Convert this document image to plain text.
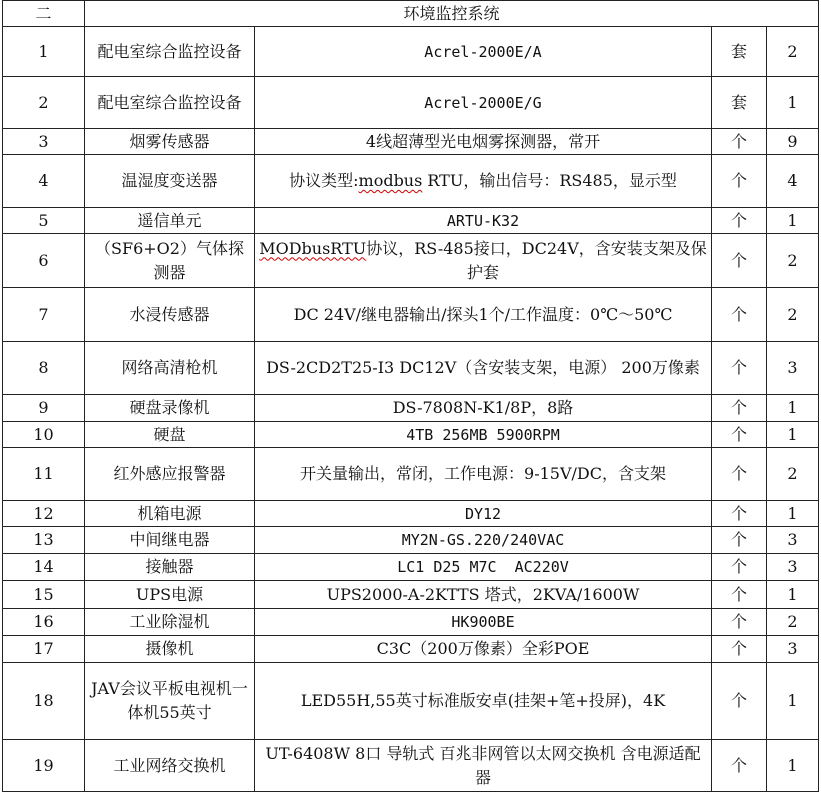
二	环境监控系统			
1	配电室综合监控设备	Acrel-2000E/A	套	2
2	配电室综合监控设备	Acrel-2000E/G	套	1
3	烟雾传感器	4线超薄型光电烟雾探测器，常开	个	9
4	温湿度变送器	协议类型:modbus RTU，输出信号：RS485，显示型	个	4
5	遥信单元	ARTU-K32	个	1
6	（SF6+O2）气体探测器	MODbusRTU协议，RS-485接口，DC24V，含安装支架及保护套	个	2
7	水浸传感器	DC 24V/继电器输出/探头1个/工作温度：0℃～50℃	个	2
8	网络高清枪机	DS-2CD2T25-I3 DC12V（含安装支架，电源） 200万像素	个	3
9	硬盘录像机	DS-7808N-K1/8P，8路	个	1
10	硬盘	4TB 256MB 5900RPM	个	1
11	红外感应报警器	开关量输出，常闭，工作电源：9-15V/DC，含支架	个	2
12	机箱电源	DY12	个	1
13	中间继电器	MY2N-GS.220/240VAC	个	3
14	接触器	LC1 D25 M7C  AC220V	个	3
15	UPS电源	UPS2000-A-2KTTS 塔式，2KVA/1600W	个	1
16	工业除湿机	HK900BE	个	2
17	摄像机	C3C（200万像素）全彩POE	个	3
18	JAV会议平板电视机一体机55英寸	LED55H,55英寸标准版安卓(挂架+笔+投屏)，4K	个	1
19	工业网络交换机	UT-6408W 8口 导轨式 百兆非网管以太网交换机 含电源适配器	个	1
